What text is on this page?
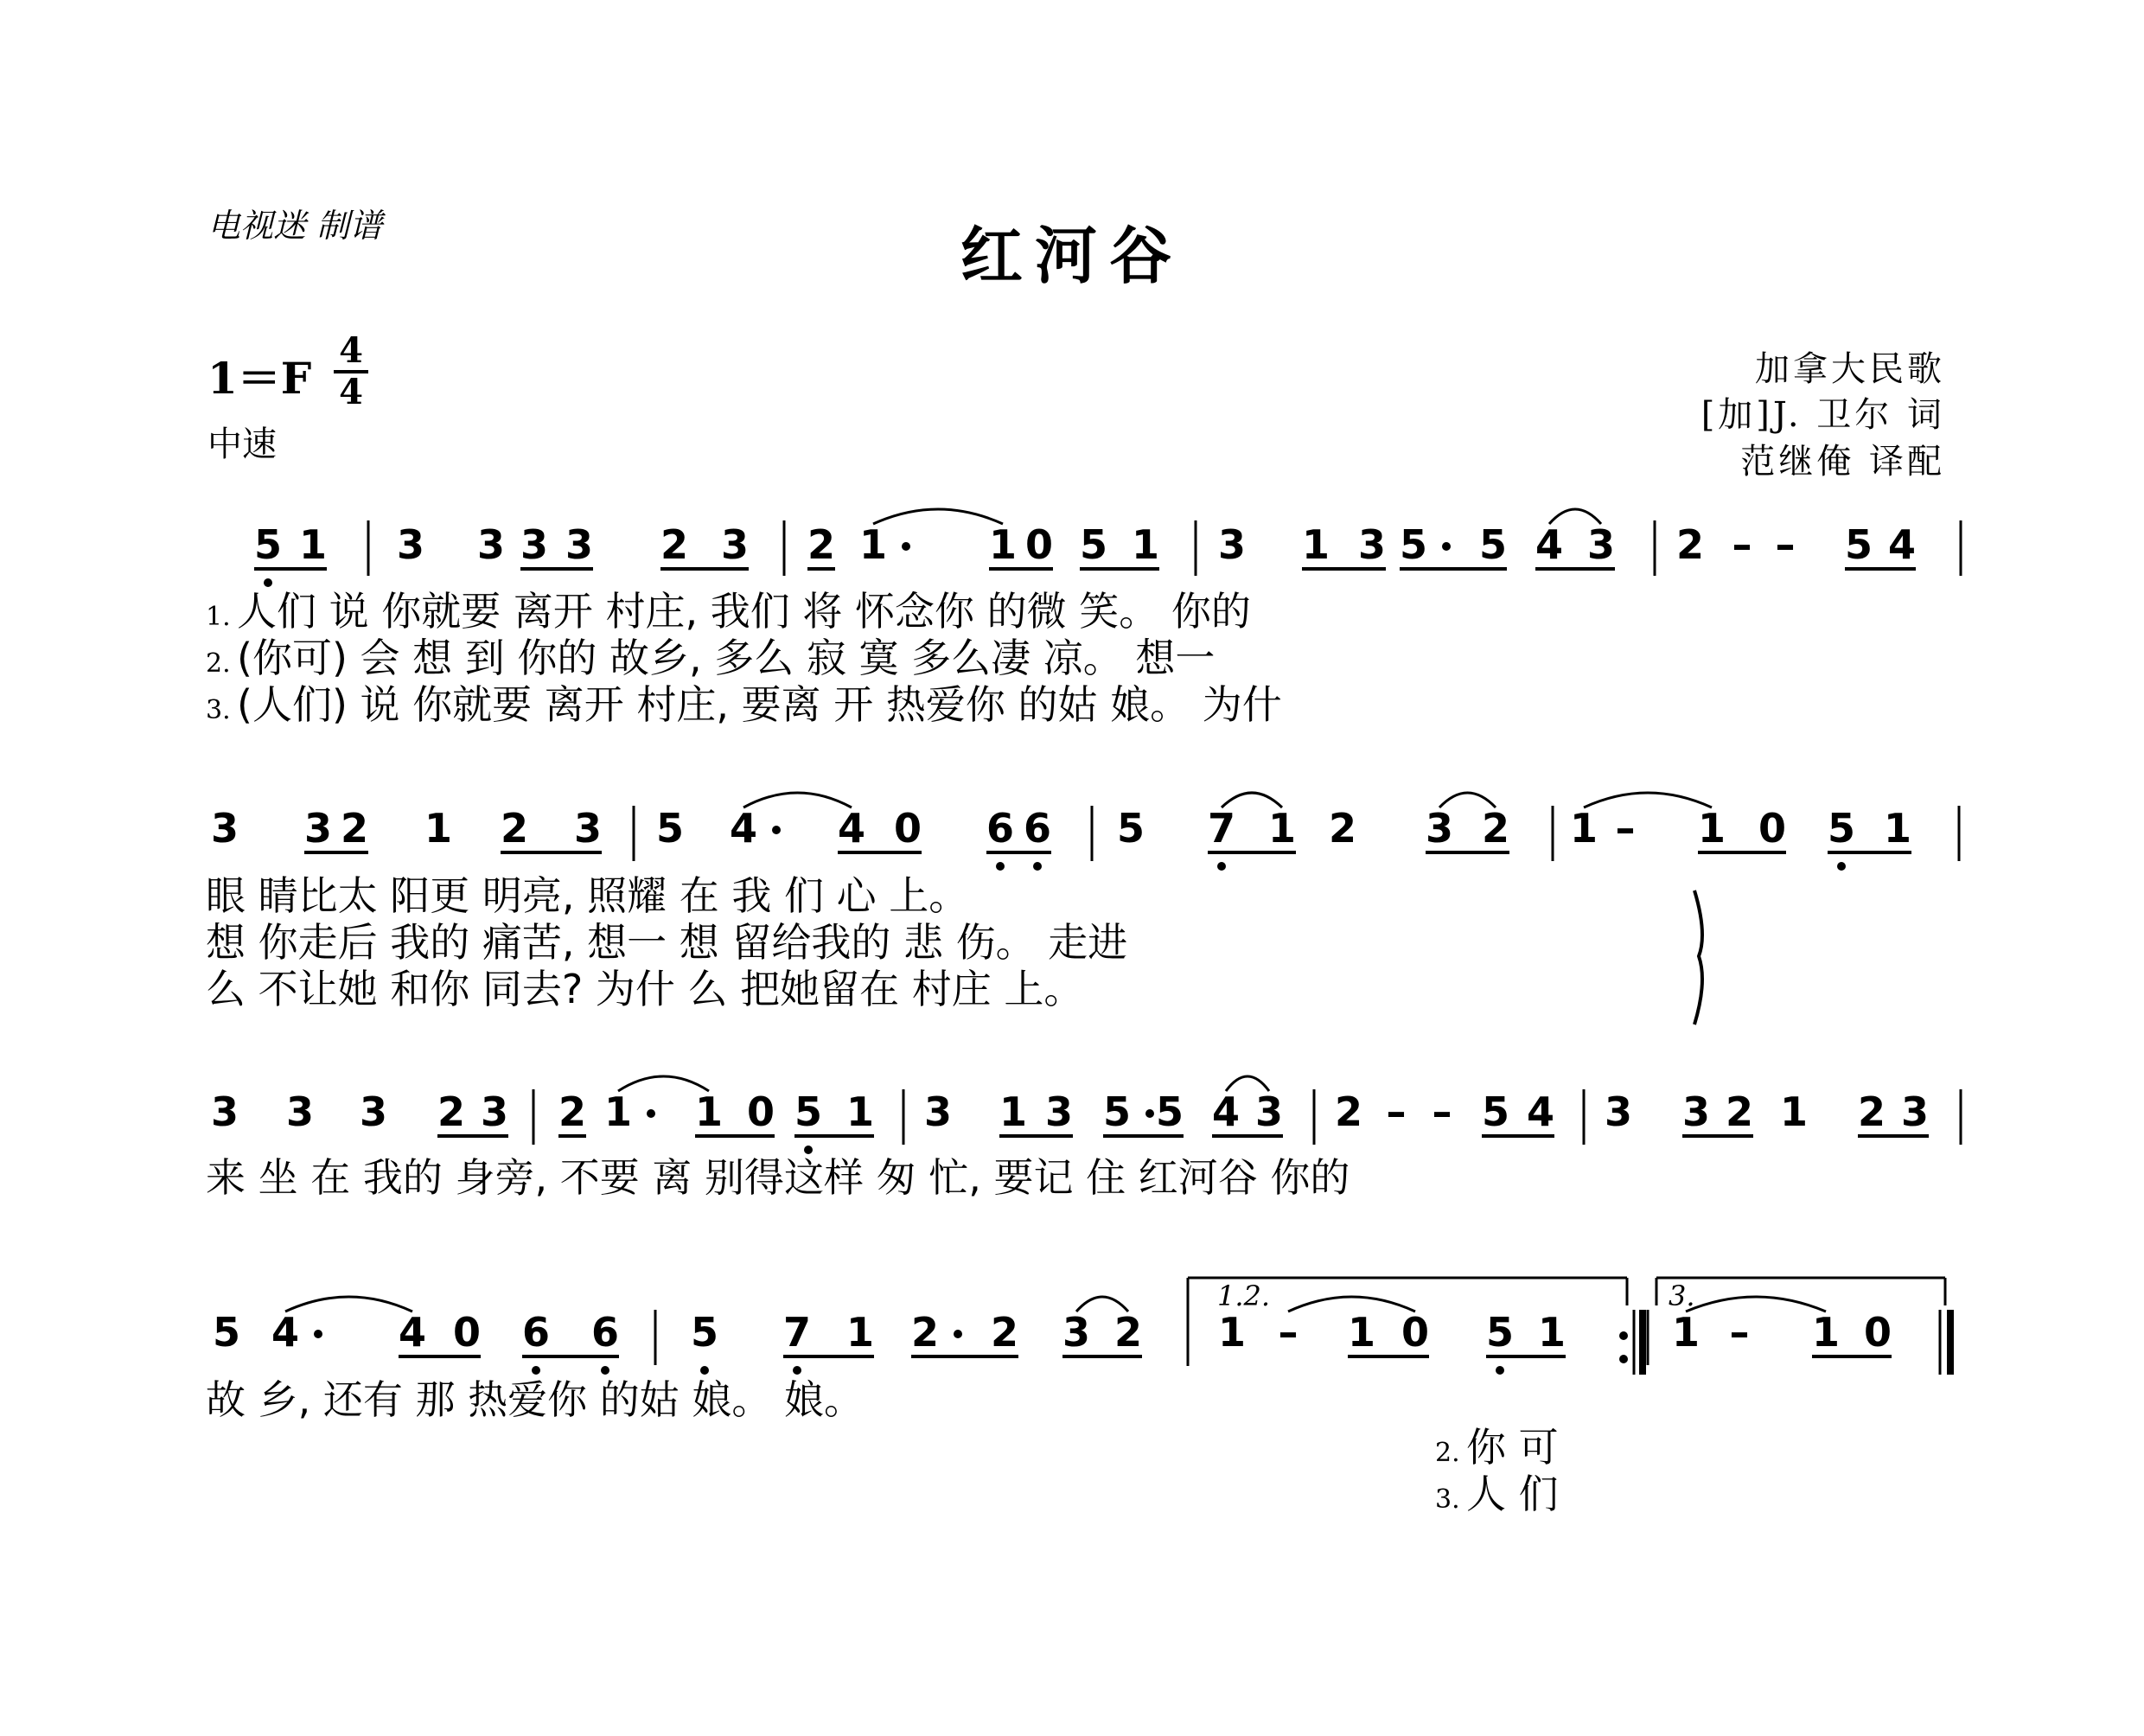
电视迷 制谱	红河谷
1＝F
4
4
中速
加拿大民歌
[加]J. 卫尔 词
范继俺 译配
5 1 3 3 3 3 2 3 2 1	1 0 5 1 3 1 3 5 5 4 3 2 – – 5 4
1. 人们 说 你就要 离开 村庄, 我们 将 怀念你 的微 笑。 你的
2. (你可) 会 想 到 你的 故乡, 多么 寂 寞 多么凄 凉。 想一
3. (人们) 说 你就要 离开 村庄, 要离 开 热爱你 的姑 娘。 为什
3 3 2 1 2 3 5 4 4 0 6 6 5 7 1 2 3 2 1 – 1 0 5 1
眼 睛比太 阳更 明亮, 照耀 在 我 们 心 上。
想 你走后 我的 痛苦, 想一 想 留给我的 悲 伤。 走进
么 不让她 和你 同去? 为什 么 把她留在 村庄 上。
3 3 3 2 3 2 1 1 0 5 1 3 1 3 5 5 4 3 2 – – 5 4 3 3 2 1 2 3
来 坐 在 我的 身旁, 不要 离 别得这样 匆 忙, 要记 住 红河谷 你的
5 4 4 0 6 6 5 7 1 2 2 3 2 1 – 1 0 5 1	1 – 1 0
故 乡, 还有 那 热爱你 的姑 娘。 娘。
2. 你 可
3. 人 们
1.2.	3.
